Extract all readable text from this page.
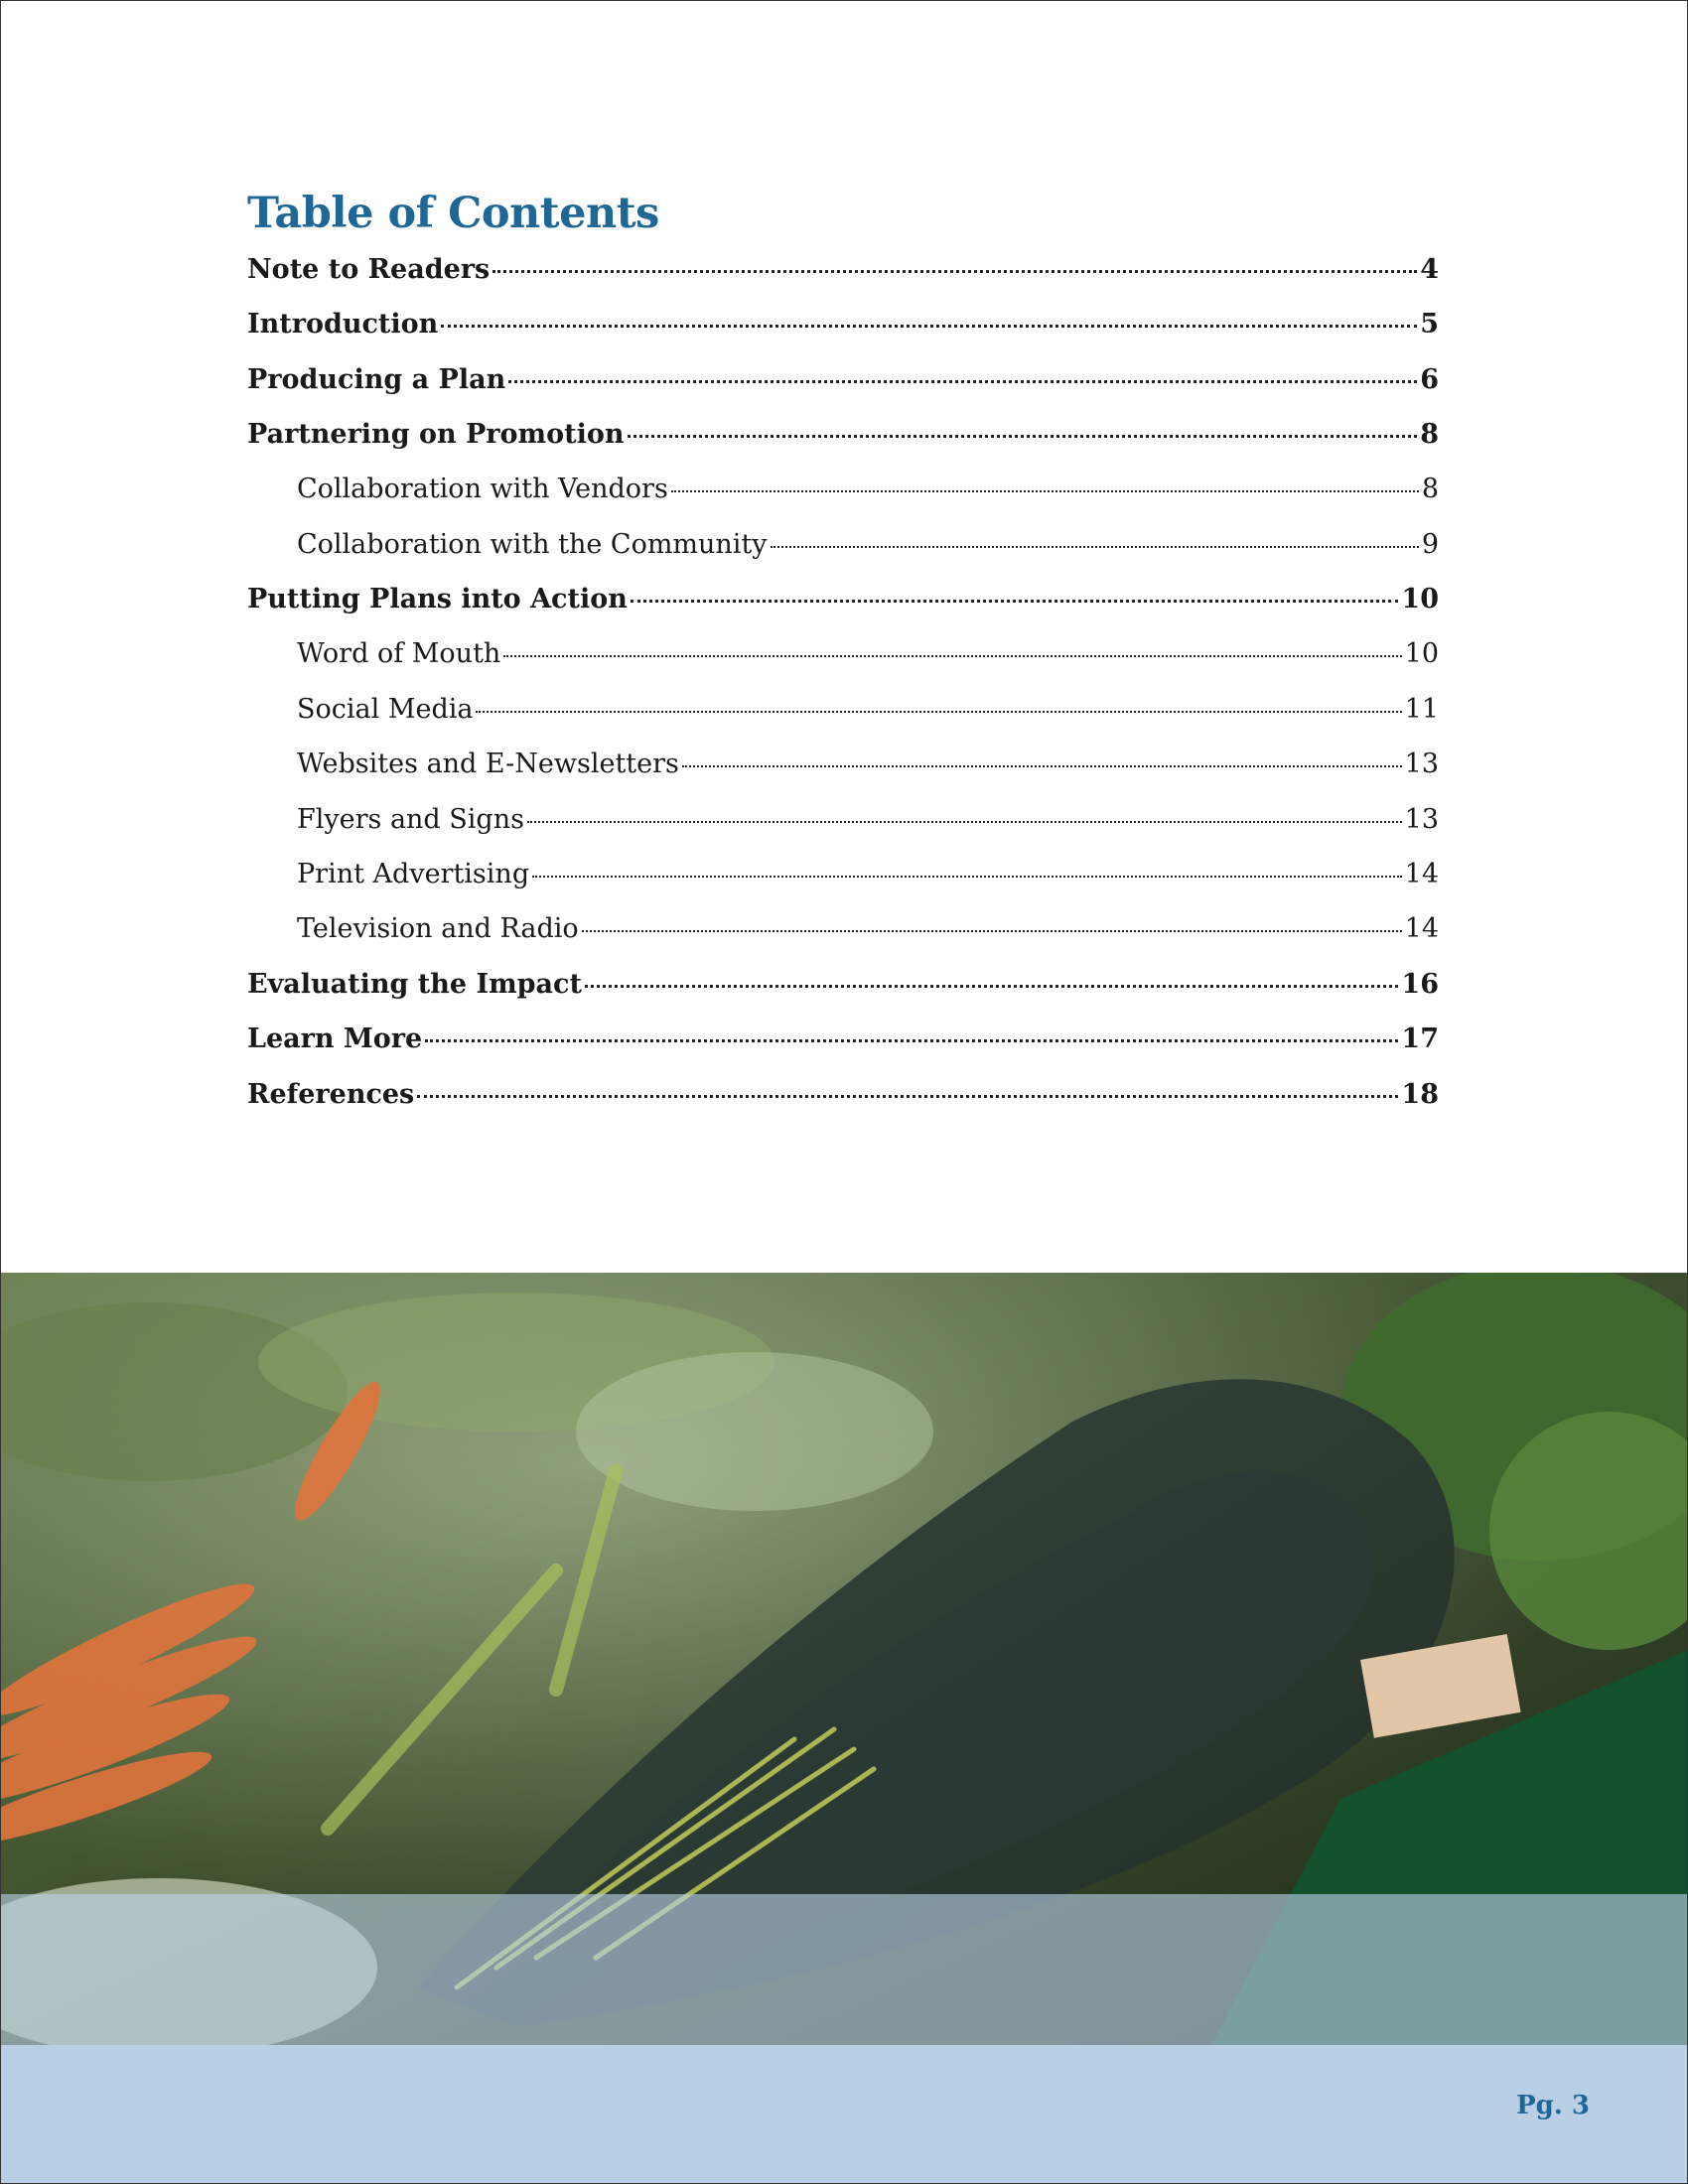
Table of Contents
Note to Readers	4
Introduction	5
Producing a Plan	6
Partnering on Promotion	8
Collaboration with Vendors	8
Collaboration with the Community	9
Putting Plans into Action	10
Word of Mouth	10
Social Media	11
Websites and E-Newsletters	13
Flyers and Signs	13
Print Advertising	14
Television and Radio	14
Evaluating the Impact	16
Learn More	17
References	18

Pg. 3
